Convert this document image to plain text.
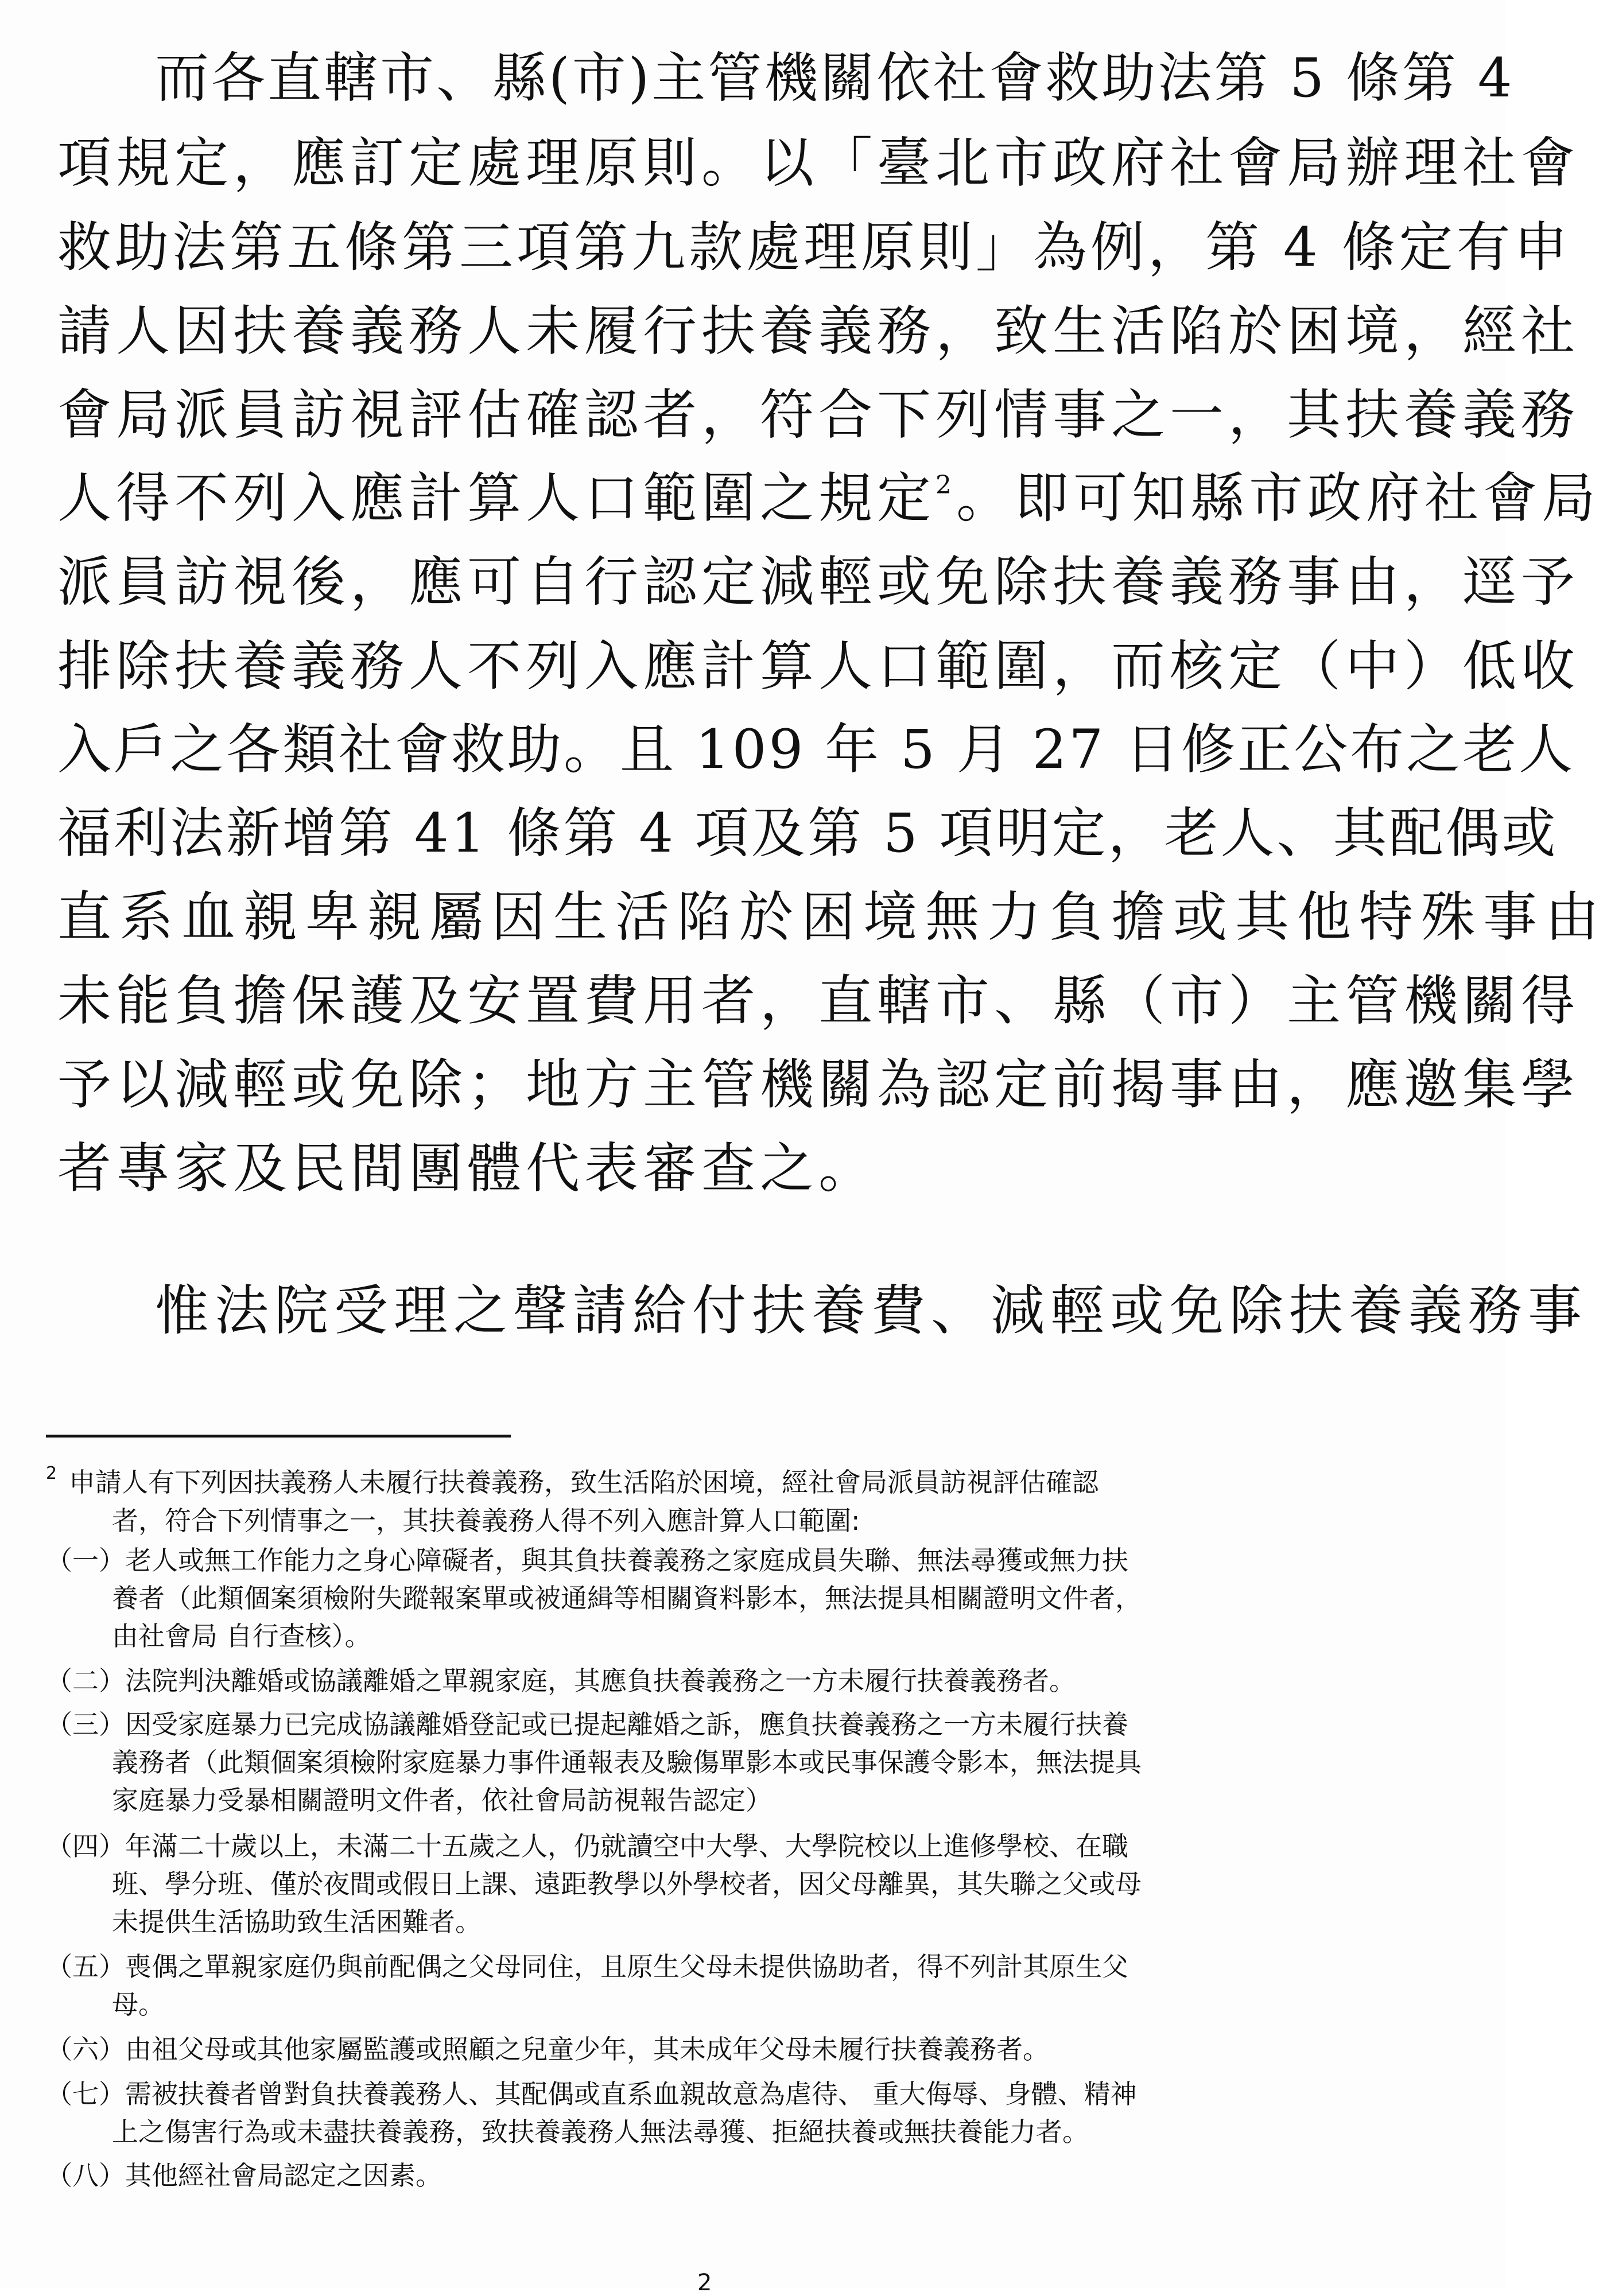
而各直轄市、縣(市)主管機關依社會救助法第 5 條第 4
項規定，應訂定處理原則。以「臺北市政府社會局辦理社會
救助法第五條第三項第九款處理原則」為例，第 4 條定有申
請人因扶養義務人未履行扶養義務，致生活陷於困境，經社
會局派員訪視評估確認者，符合下列情事之一，其扶養義務
人得不列入應計算人口範圍之規定$^2$。即可知縣市政府社會局
派員訪視後，應可自行認定減輕或免除扶養義務事由，逕予
排除扶養義務人不列入應計算人口範圍，而核定（中）低收
入戶之各類社會救助。且 109 年 5 月 27 日修正公布之老人
福利法新增第 41 條第 4 項及第 5 項明定，老人、其配偶或
直系血親卑親屬因生活陷於困境無力負擔或其他特殊事由
未能負擔保護及安置費用者，直轄市、縣（市）主管機關得
予以減輕或免除；地方主管機關為認定前揭事由，應邀集學
者專家及民間團體代表審查之。
惟法院受理之聲請給付扶養費、減輕或免除扶養義務事
2 申請人有下列因扶義務人未履行扶養義務，致生活陷於困境，經社會局派員訪視評估確認
者，符合下列情事之一，其扶養義務人得不列入應計算人口範圍:
（一）老人或無工作能力之身心障礙者，與其負扶養義務之家庭成員失聯、無法尋獲或無力扶
養者（此類個案須檢附失蹤報案單或被通緝等相關資料影本，無法提具相關證明文件者，
由社會局 自行查核）。
（二）法院判決離婚或協議離婚之單親家庭，其應負扶養義務之一方未履行扶養義務者。
（三）因受家庭暴力已完成協議離婚登記或已提起離婚之訴，應負扶養義務之一方未履行扶養
義務者（此類個案須檢附家庭暴力事件通報表及驗傷單影本或民事保護令影本，無法提具
家庭暴力受暴相關證明文件者，依社會局訪視報告認定）
（四）年滿二十歲以上，未滿二十五歲之人，仍就讀空中大學、大學院校以上進修學校、在職
班、學分班、僅於夜間或假日上課、遠距教學以外學校者，因父母離異，其失聯之父或母
未提供生活協助致生活困難者。
（五）喪偶之單親家庭仍與前配偶之父母同住，且原生父母未提供協助者，得不列計其原生父
母。
（六）由祖父母或其他家屬監護或照顧之兒童少年，其未成年父母未履行扶養義務者。
（七）需被扶養者曾對負扶養義務人、其配偶或直系血親故意為虐待、 重大侮辱、身體、精神
上之傷害行為或未盡扶養義務，致扶養義務人無法尋獲、拒絕扶養或無扶養能力者。
（八）其他經社會局認定之因素。
2
